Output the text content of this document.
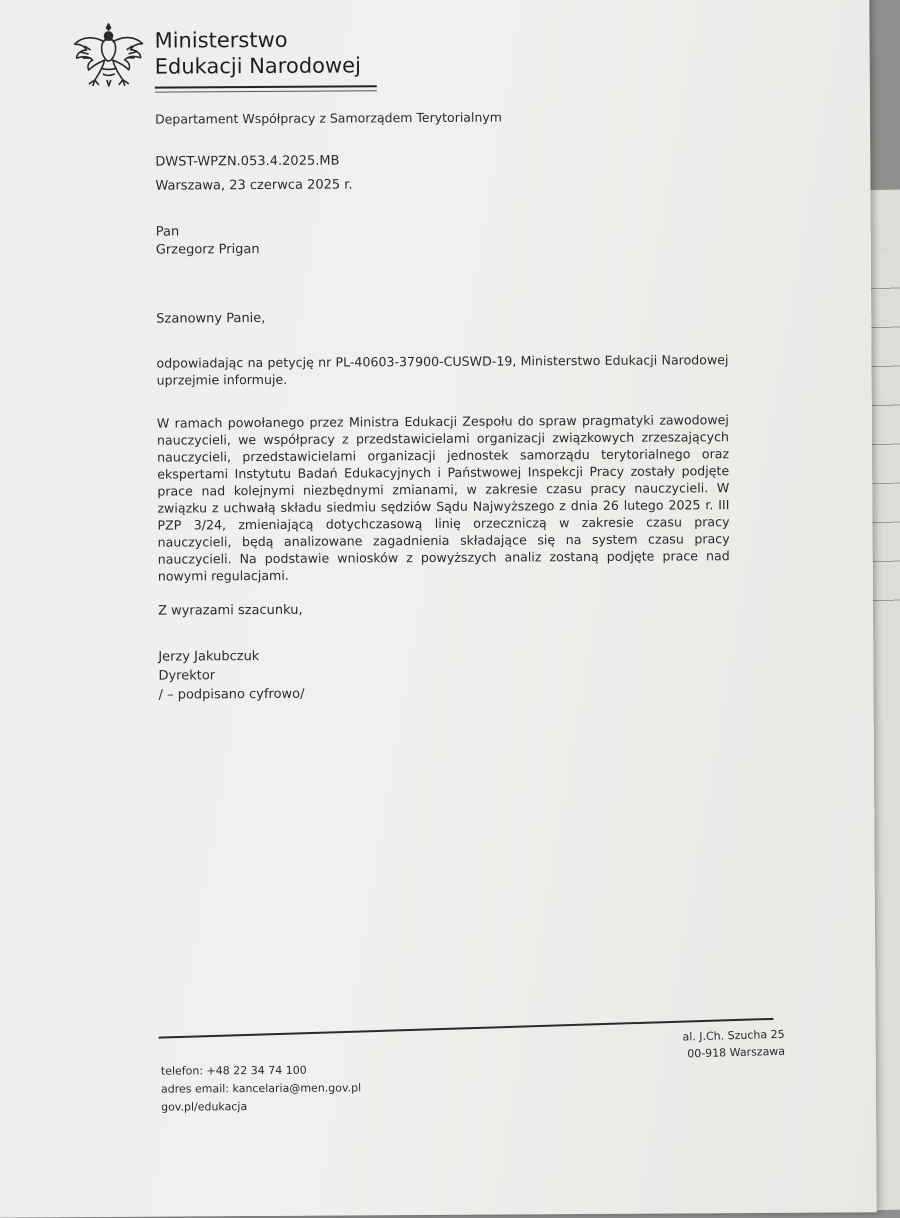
Ministerstwo
Edukacji Narodowej
Departament Współpracy z Samorządem Terytorialnym
DWST-WPZN.053.4.2025.MB
Warszawa, 23 czerwca 2025 r.
Pan
Grzegorz Prigan
Szanowny Panie,
odpowiadając na petycję nr PL-40603-37900-CUSWD-19, Ministerstwo Edukacji Narodowej uprzejmie informuje.
W ramach powołanego przez Ministra Edukacji Zespołu do spraw pragmatyki zawodowej nauczycieli, we współpracy z przedstawicielami organizacji związkowych zrzeszających nauczycieli, przedstawicielami organizacji jednostek samorządu terytorialnego oraz ekspertami Instytutu Badań Edukacyjnych i Państwowej Inspekcji Pracy zostały podjęte prace nad kolejnymi niezbędnymi zmianami, w zakresie czasu pracy nauczycieli. W związku z uchwałą składu siedmiu sędziów Sądu Najwyższego z dnia 26 lutego 2025 r. III PZP 3/24, zmieniającą dotychczasową linię orzeczniczą w zakresie czasu pracy nauczycieli, będą analizowane zagadnienia składające się na system czasu pracy nauczycieli. Na podstawie wniosków z powyższych analiz zostaną podjęte prace nad nowymi regulacjami.
Z wyrazami szacunku,
Jerzy Jakubczuk
Dyrektor
/ – podpisano cyfrowo/
al. J.Ch. Szucha 25
00-918 Warszawa
telefon: +48 22 34 74 100
adres email: kancelaria@men.gov.pl
gov.pl/edukacja
